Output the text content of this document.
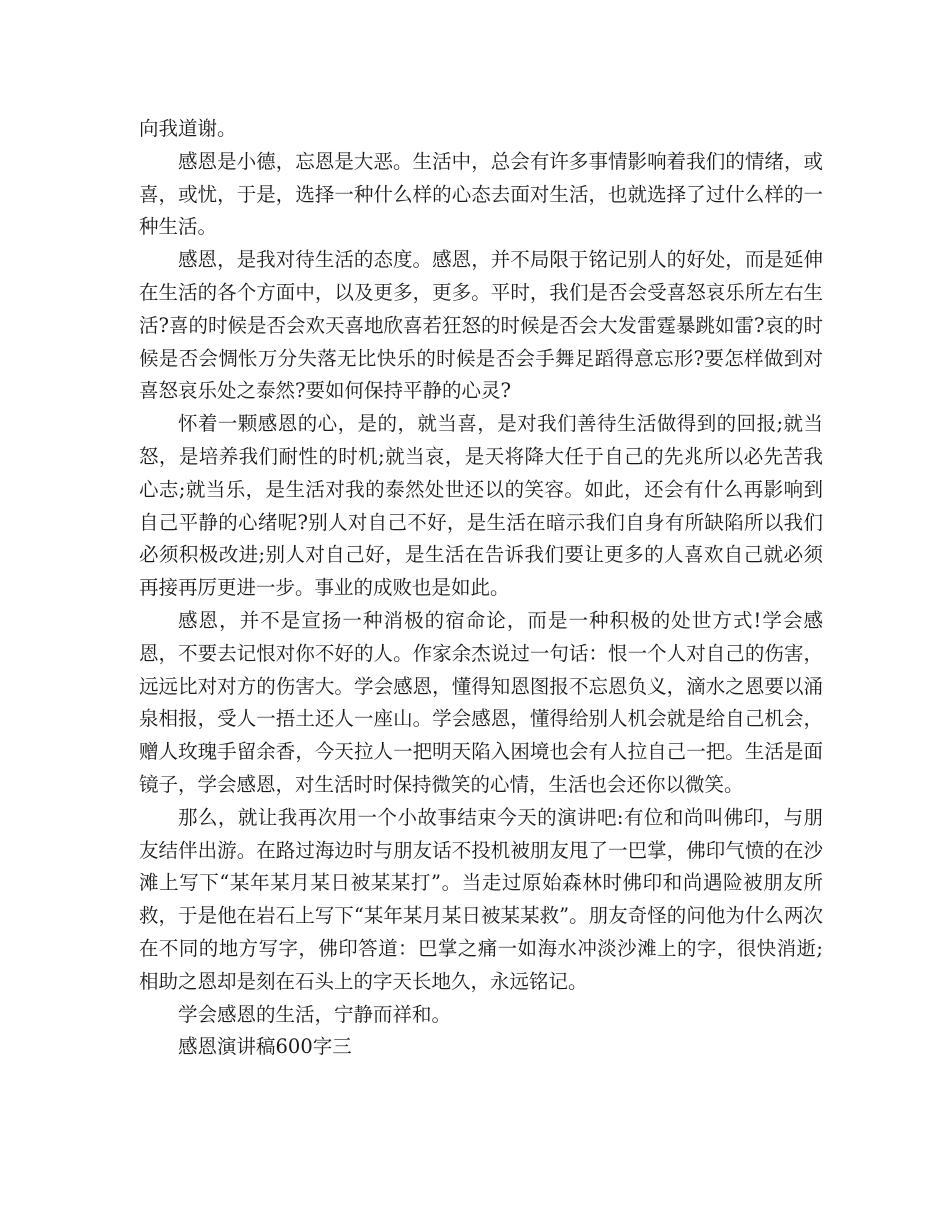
向我道谢。

感恩是小德，忘恩是大恶。生活中，总会有许多事情影响着我们的情绪，或喜，或忧，于是，选择一种什么样的心态去面对生活，也就选择了过什么样的一种生活。

感恩，是我对待生活的态度。感恩，并不局限于铭记别人的好处，而是延伸在生活的各个方面中，以及更多，更多。平时，我们是否会受喜怒哀乐所左右生活?喜的时候是否会欢天喜地欣喜若狂怒的时候是否会大发雷霆暴跳如雷?哀的时候是否会惆怅万分失落无比快乐的时候是否会手舞足蹈得意忘形?要怎样做到对喜怒哀乐处之泰然?要如何保持平静的心灵?

怀着一颗感恩的心，是的，就当喜，是对我们善待生活做得到的回报;就当怒，是培养我们耐性的时机;就当哀，是天将降大任于自己的先兆所以必先苦我心志;就当乐，是生活对我的泰然处世还以的笑容。如此，还会有什么再影响到自己平静的心绪呢?别人对自己不好，是生活在暗示我们自身有所缺陷所以我们必须积极改进;别人对自己好，是生活在告诉我们要让更多的人喜欢自己就必须再接再厉更进一步。事业的成败也是如此。

感恩，并不是宣扬一种消极的宿命论，而是一种积极的处世方式!学会感恩，不要去记恨对你不好的人。作家余杰说过一句话：恨一个人对自己的伤害，远远比对对方的伤害大。学会感恩，懂得知恩图报不忘恩负义，滴水之恩要以涌泉相报，受人一捂土还人一座山。学会感恩，懂得给别人机会就是给自己机会，赠人玫瑰手留余香，今天拉人一把明天陷入困境也会有人拉自己一把。生活是面镜子，学会感恩，对生活时时保持微笑的心情，生活也会还你以微笑。

那么，就让我再次用一个小故事结束今天的演讲吧:有位和尚叫佛印，与朋友结伴出游。在路过海边时与朋友话不投机被朋友甩了一巴掌，佛印气愤的在沙滩上写下“某年某月某日被某某打”。当走过原始森林时佛印和尚遇险被朋友所救，于是他在岩石上写下“某年某月某日被某某救”。朋友奇怪的问他为什么两次在不同的地方写字，佛印答道：巴掌之痛一如海水冲淡沙滩上的字，很快消逝;相助之恩却是刻在石头上的字天长地久，永远铭记。

学会感恩的生活，宁静而祥和。

感恩演讲稿600字三
